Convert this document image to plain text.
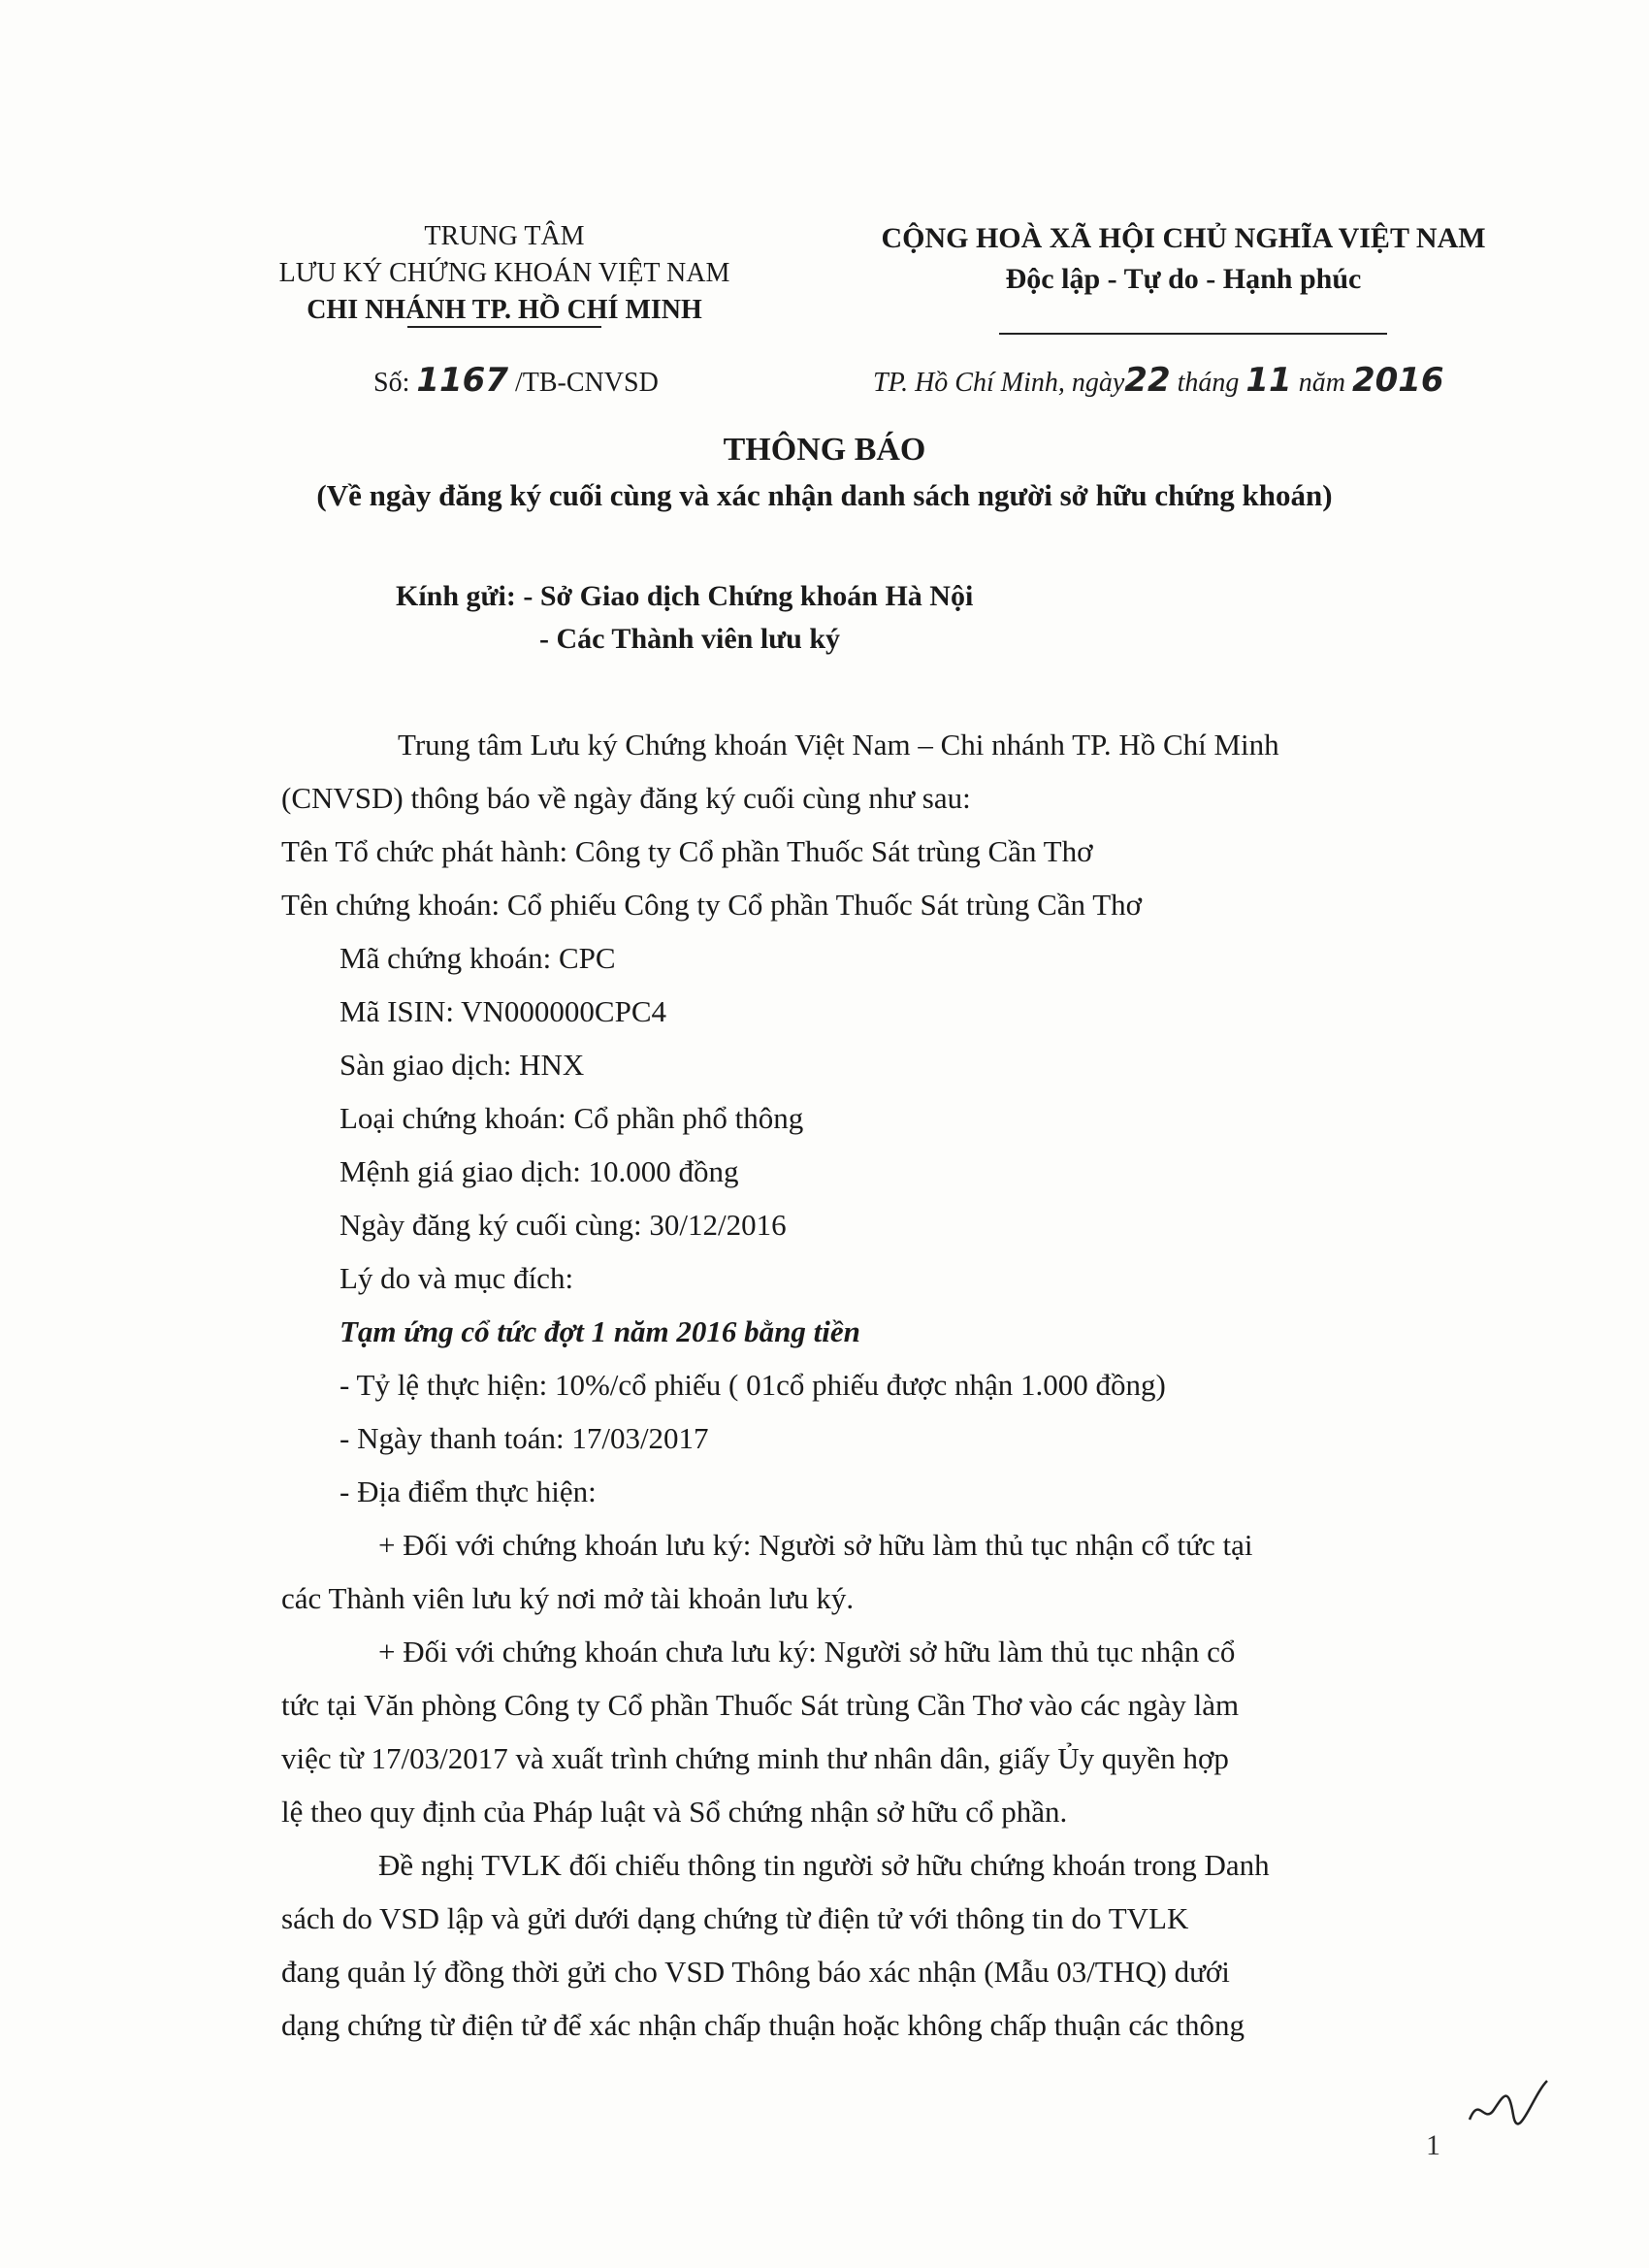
TRUNG TÂM
LƯU KÝ CHỨNG KHOÁN VIỆT NAM
CHI NHÁNH TP. HỒ CHÍ MINH
CỘNG HOÀ XÃ HỘI CHỦ NGHĨA VIỆT NAM
Độc lập - Tự do - Hạnh phúc
Số: 1167 /TB-CNVSD	TP. Hồ Chí Minh, ngày22 tháng 11 năm 2016
THÔNG BÁO
(Về ngày đăng ký cuối cùng và xác nhận danh sách người sở hữu chứng khoán)
Kính gửi: - Sở Giao dịch Chứng khoán Hà Nội
- Các Thành viên lưu ký
Trung tâm Lưu ký Chứng khoán Việt Nam – Chi nhánh TP. Hồ Chí Minh
(CNVSD) thông báo về ngày đăng ký cuối cùng như sau:
Tên Tổ chức phát hành: Công ty Cổ phần Thuốc Sát trùng Cần Thơ
Tên chứng khoán: Cổ phiếu Công ty Cổ phần Thuốc Sát trùng Cần Thơ
Mã chứng khoán: CPC
Mã ISIN: VN000000CPC4
Sàn giao dịch: HNX
Loại chứng khoán: Cổ phần phổ thông
Mệnh giá giao dịch: 10.000 đồng
Ngày đăng ký cuối cùng: 30/12/2016
Lý do và mục đích:
Tạm ứng cổ tức đợt 1 năm 2016 bằng tiền
- Tỷ lệ thực hiện: 10%/cổ phiếu ( 01cổ phiếu được nhận 1.000 đồng)
- Ngày thanh toán: 17/03/2017
- Địa điểm thực hiện:
+ Đối với chứng khoán lưu ký: Người sở hữu làm thủ tục nhận cổ tức tại
các Thành viên lưu ký nơi mở tài khoản lưu ký.
+ Đối với chứng khoán chưa lưu ký: Người sở hữu làm thủ tục nhận cổ
tức tại Văn phòng Công ty Cổ phần Thuốc Sát trùng Cần Thơ vào các ngày làm
việc từ 17/03/2017 và xuất trình chứng minh thư nhân dân, giấy Ủy quyền hợp
lệ theo quy định của Pháp luật và Sổ chứng nhận sở hữu cổ phần.
Đề nghị TVLK đối chiếu thông tin người sở hữu chứng khoán trong Danh
sách do VSD lập và gửi dưới dạng chứng từ điện tử với thông tin do TVLK
đang quản lý đồng thời gửi cho VSD Thông báo xác nhận (Mẫu 03/THQ) dưới
dạng chứng từ điện tử để xác nhận chấp thuận hoặc không chấp thuận các thông
1
